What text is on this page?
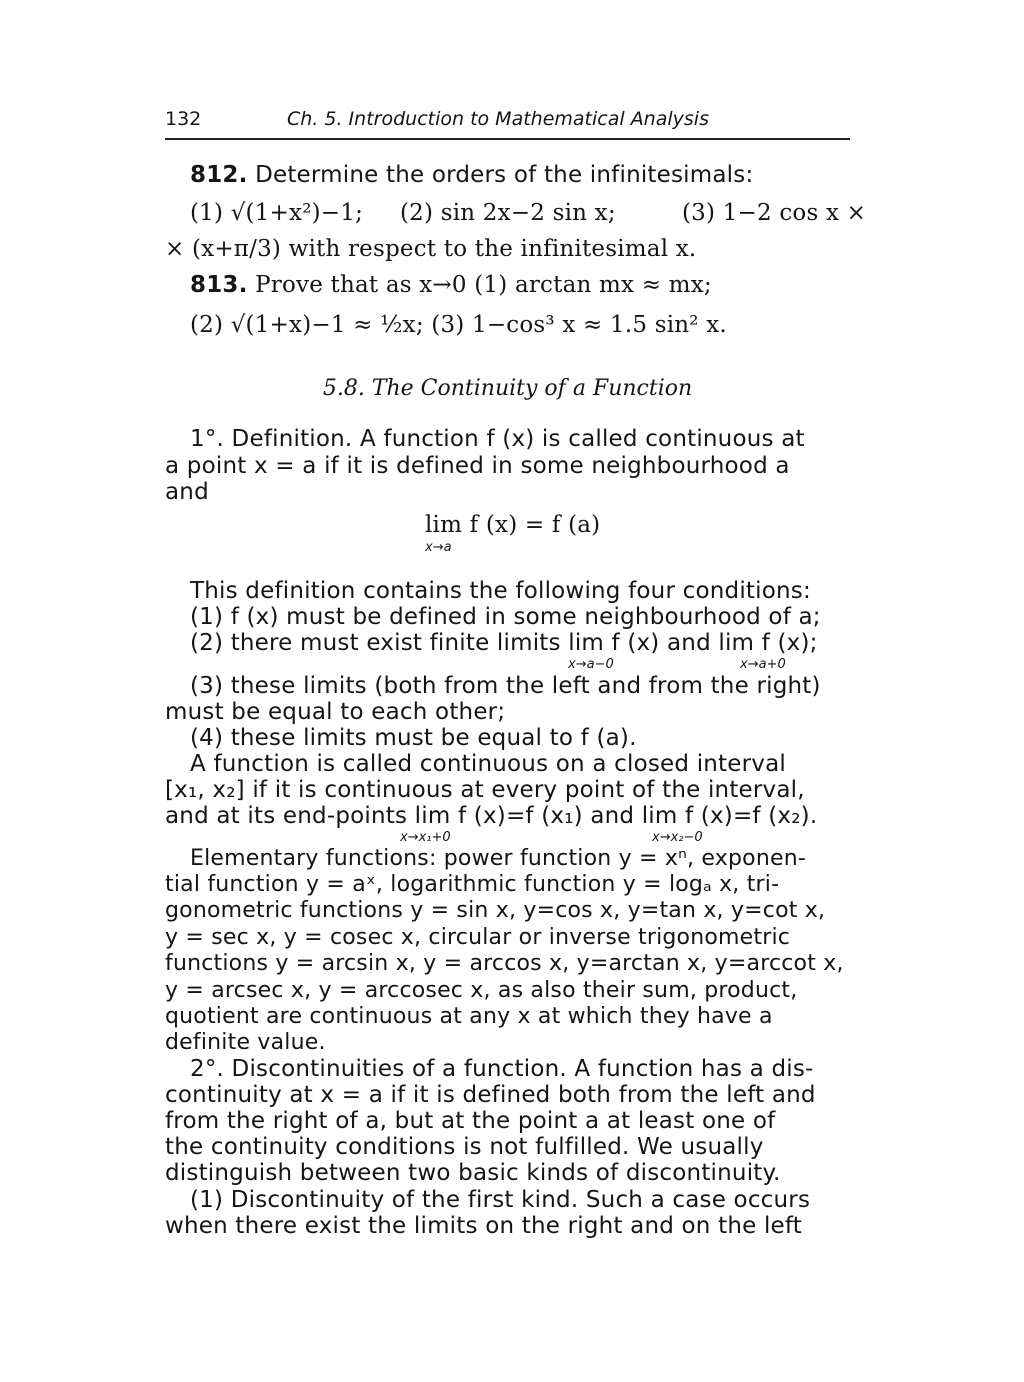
132	Ch. 5. Introduction to Mathematical Analysis
812. Determine the orders of the infinitesimals:
(1) √(1+x²)−1; (2) sin 2x−2 sin x;	(3) 1−2 cos x ×
× (x+π/3) with respect to the infinitesimal x.
813. Prove that as x→0 (1) arctan mx ≈ mx;
(2) √(1+x)−1 ≈ ½x; (3) 1−cos³ x ≈ 1.5 sin² x.
5.8. The Continuity of a Function
1°. Definition. A function f (x) is called continuous at
a point x = a if it is defined in some neighbourhood a
and
lim f (x) = f (a)
x→a
This definition contains the following four conditions:
(1) f (x) must be defined in some neighbourhood of a;
(2) there must exist finite limits lim f (x) and lim f (x);
x→a−0	x→a+0
(3) these limits (both from the left and from the right)
must be equal to each other;
(4) these limits must be equal to f (a).
A function is called continuous on a closed interval
[x₁, x₂] if it is continuous at every point of the interval,
and at its end-points lim f (x)=f (x₁) and lim f (x)=f (x₂).
x→x₁+0	x→x₂−0
Elementary functions: power function y = xⁿ, exponen-
tial function y = aˣ, logarithmic function y = logₐ x, tri-
gonometric functions y = sin x, y=cos x, y=tan x, y=cot x,
y = sec x, y = cosec x, circular or inverse trigonometric
functions y = arcsin x, y = arccos x, y=arctan x, y=arccot x,
y = arcsec x, y = arccosec x, as also their sum, product,
quotient are continuous at any x at which they have a
definite value.
2°. Discontinuities of a function. A function has a dis-
continuity at x = a if it is defined both from the left and
from the right of a, but at the point a at least one of
the continuity conditions is not fulfilled. We usually
distinguish between two basic kinds of discontinuity.
(1) Discontinuity of the first kind. Such a case occurs
when there exist the limits on the right and on the left
